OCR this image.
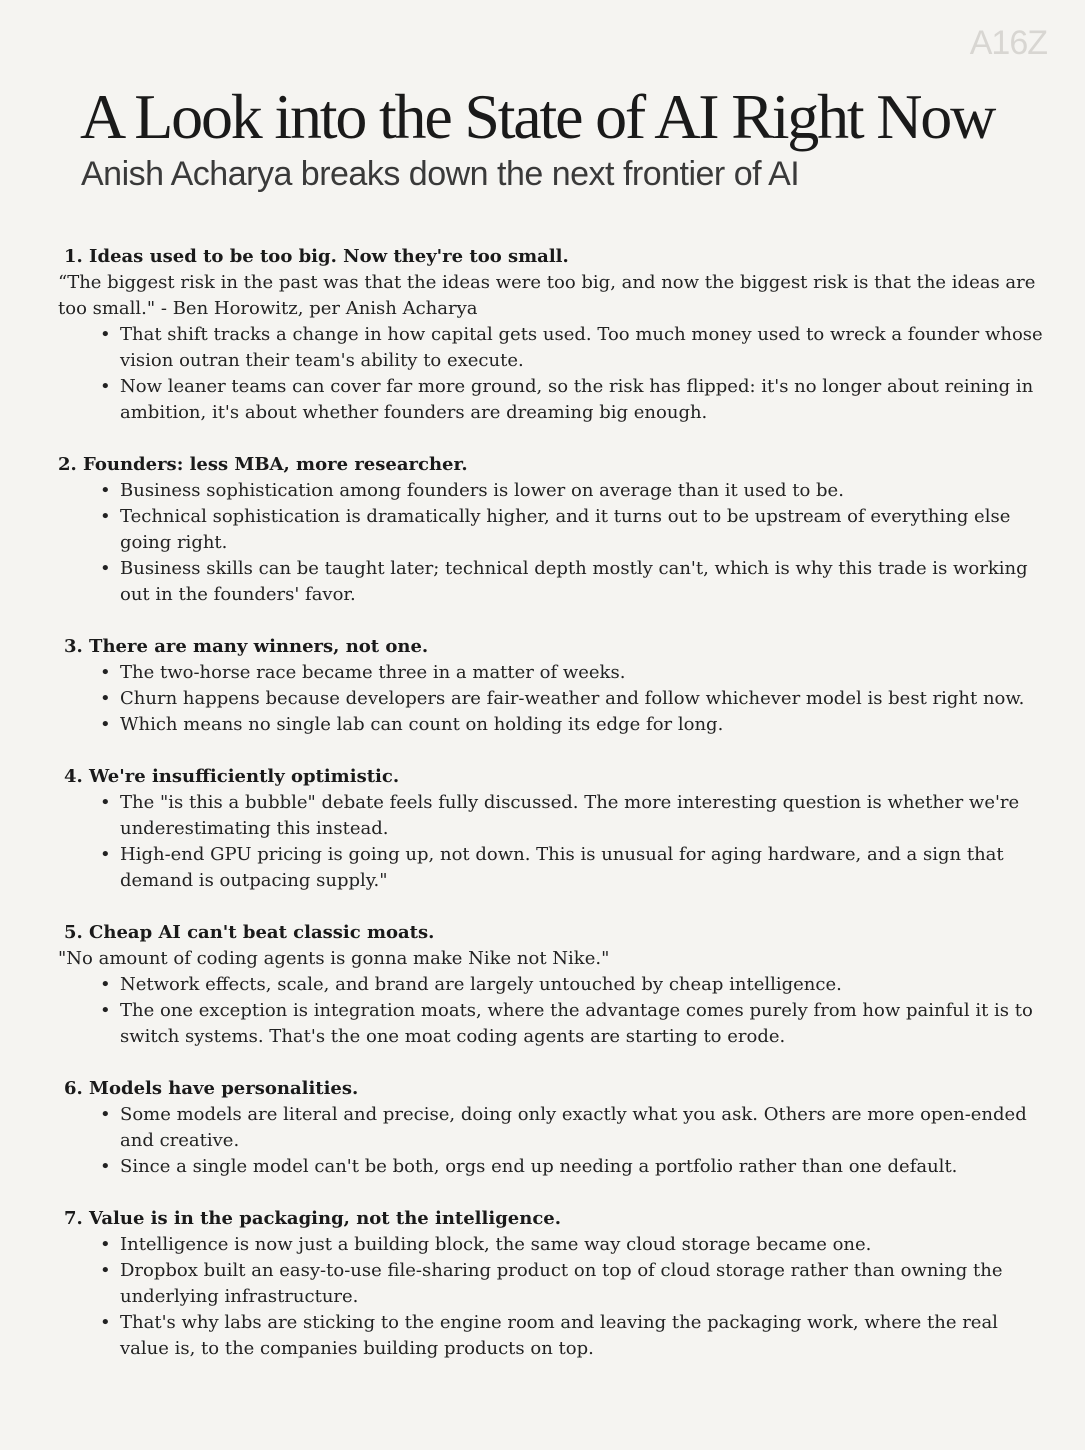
A16Z
A Look into the State of AI Right Now
Anish Acharya breaks down the next frontier of AI
1. Ideas used to be too big. Now they're too small.
“The biggest risk in the past was that the ideas were too big, and now the biggest risk is that the ideas are too small." - Ben Horowitz, per Anish Acharya
• That shift tracks a change in how capital gets used. Too much money used to wreck a founder whose vision outran their team's ability to execute.
• Now leaner teams can cover far more ground, so the risk has flipped: it's no longer about reining in ambition, it's about whether founders are dreaming big enough.
2. Founders: less MBA, more researcher.
• Business sophistication among founders is lower on average than it used to be.
• Technical sophistication is dramatically higher, and it turns out to be upstream of everything else going right.
• Business skills can be taught later; technical depth mostly can't, which is why this trade is working out in the founders' favor.
3. There are many winners, not one.
• The two-horse race became three in a matter of weeks.
• Churn happens because developers are fair-weather and follow whichever model is best right now.
• Which means no single lab can count on holding its edge for long.
4. We're insufficiently optimistic.
• The "is this a bubble" debate feels fully discussed. The more interesting question is whether we're underestimating this instead.
• High-end GPU pricing is going up, not down. This is unusual for aging hardware, and a sign that demand is outpacing supply."
5. Cheap AI can't beat classic moats.
"No amount of coding agents is gonna make Nike not Nike."
• Network effects, scale, and brand are largely untouched by cheap intelligence.
• The one exception is integration moats, where the advantage comes purely from how painful it is to switch systems. That's the one moat coding agents are starting to erode.
6. Models have personalities.
• Some models are literal and precise, doing only exactly what you ask. Others are more open-ended and creative.
• Since a single model can't be both, orgs end up needing a portfolio rather than one default.
7. Value is in the packaging, not the intelligence.
• Intelligence is now just a building block, the same way cloud storage became one.
• Dropbox built an easy-to-use file-sharing product on top of cloud storage rather than owning the underlying infrastructure.
• That's why labs are sticking to the engine room and leaving the packaging work, where the real value is, to the companies building products on top.
